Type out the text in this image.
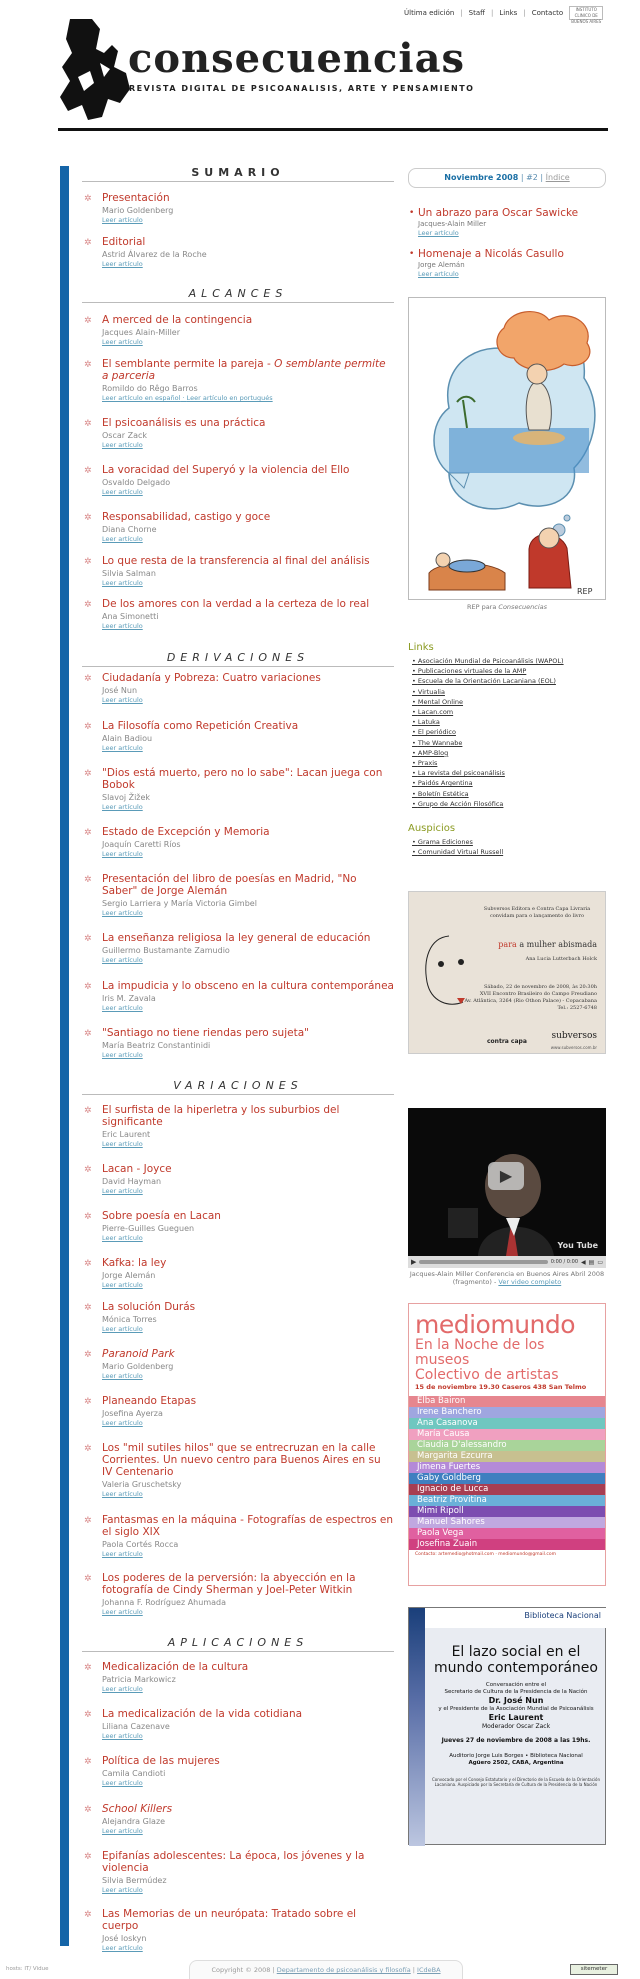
Última edición | Staff | Links | Contacto	INSTITUTO CLINICO DE BUENOS AIRES
consecuencias
REVISTA DIGITAL DE PSICOANALISIS, ARTE Y PENSAMIENTO
SUMARIO
ALCANCES
DERIVACIONES
VARIACIONES
APLICACIONES
✲ Presentación
Mario Goldenberg
Leer artículo
✲ Editorial
Astrid Álvarez de la Roche
Leer artículo
✲ A merced de la contingencia
Jacques Alain-Miller
Leer artículo
✲ El semblante permite la pareja - O semblante permite a parceria
Romildo do Rêgo Barros
Leer artículo en español · Leer artículo en portugués
✲ El psicoanálisis es una práctica
Oscar Zack
Leer artículo
✲ La voracidad del Superyó y la violencia del Ello
Osvaldo Delgado
Leer artículo
✲ Responsabilidad, castigo y goce
Diana Chorne
Leer artículo
✲ Lo que resta de la transferencia al final del análisis
Silvia Salman
Leer artículo
✲ De los amores con la verdad a la certeza de lo real
Ana Simonetti
Leer artículo
✲ Ciudadanía y Pobreza: Cuatro variaciones
José Nun
Leer artículo
✲ La Filosofía como Repetición Creativa
Alain Badiou
Leer artículo
✲ "Dios está muerto, pero no lo sabe": Lacan juega con Bobok
Slavoj Žižek
Leer artículo
✲ Estado de Excepción y Memoria
Joaquín Caretti Ríos
Leer artículo
✲ Presentación del libro de poesías en Madrid, "No Saber" de Jorge Alemán
Sergio Larriera y María Victoria Gimbel
Leer artículo
✲ La enseñanza religiosa la ley general de educación
Guillermo Bustamante Zamudio
Leer artículo
✲ La impudicia y lo obsceno en la cultura contemporánea
Iris M. Zavala
Leer artículo
✲ "Santiago no tiene riendas pero sujeta"
María Beatriz Constantinidi
Leer artículo
✲ El surfista de la hiperletra y los suburbios del significante
Eric Laurent
Leer artículo
✲ Lacan - Joyce
David Hayman
Leer artículo
✲ Sobre poesía en Lacan
Pierre-Guilles Gueguen
Leer artículo
✲ Kafka: la ley
Jorge Alemán
Leer artículo
✲ La solución Durás
Mónica Torres
Leer artículo
✲ Paranoid Park
Mario Goldenberg
Leer artículo
✲ Planeando Etapas
Josefina Ayerza
Leer artículo
✲ Los "mil sutiles hilos" que se entrecruzan en la calle Corrientes. Un nuevo centro para Buenos Aires en su IV Centenario
Valeria Gruschetsky
Leer artículo
✲ Fantasmas en la máquina - Fotografías de espectros en el siglo XIX
Paola Cortés Rocca
Leer artículo
✲ Los poderes de la perversión: la abyección en la fotografía de Cindy Sherman y Joel-Peter Witkin
Johanna F. Rodríguez Ahumada
Leer artículo
✲ Medicalización de la cultura
Patricia Markowicz
Leer artículo
✲ La medicalización de la vida cotidiana
Liliana Cazenave
Leer artículo
✲ Política de las mujeres
Camila Candioti
Leer artículo
✲ School Killers
Alejandra Glaze
Leer artículo
✲ Epifanías adolescentes: La época, los jóvenes y la violencia
Silvia Bermúdez
Leer artículo
✲ Las Memorias de un neurópata: Tratado sobre el cuerpo
José Ioskyn
Leer artículo
Noviembre 2008 | #2 | Índice
• Un abrazo para Oscar Sawicke
Jacques-Alain Miller
Leer artículo
• Homenaje a Nicolás Casullo
Jorge Alemán
Leer artículo
REP
REP para Consecuencias
Links
• Asociación Mundial de Psicoanálisis (WAPOL)
• Publicaciones virtuales de la AMP
• Escuela de la Orientación Lacaniana (EOL)
• Virtualia
• Mental Online
• Lacan.com
• Latuka
• El periódico
• The Wannabe
• AMP-Blog
• Praxis
• La revista del psicoanálisis
• Paidós Argentina
• Boletín Estética
• Grupo de Acción Filosófica
Auspicios
• Grama Ediciones
• Comunidad Virtual Russell
Subversos Editora e Contra Capa Livraria
convidam para o lançamento do livro
para a mulher abismada
Ana Lucia Lutterbach Holck
Sábado, 22 de novembro de 2008, às 20:30h
XVII Encontro Brasileiro do Campo Freudiano
Av. Atlântica, 3264 (Rio Othon Palace) - Copacabana
Tel.: 2527-6748
contra capa
subversos
www.subversos.com.br
▶
You Tube
▶	0:00 / 0:00 ◀ ▤ ▭
Jacques-Alain Miller Conferencia en Buenos Aires Abril 2008 (fragmento) - Ver video completo
mediomundo
En la Noche de los museos
Colectivo de artistas
15 de noviembre 19.30 Caseros 438 San Telmo
Elba Bairon
Irene Banchero
Ana Casanova
María Causa
Claudia D'alessandro
Margarita Ezcurra
Jimena Fuertes
Gaby Goldberg
Ignacio de Lucca
Beatriz Provitina
Mimi Ripoll
Manuel Sahores
Paola Vega
Josefina Zuain
Contacto: artemedio@hotmail.com · mediomundo@gmail.com
Biblioteca Nacional
El lazo social en el mundo contemporáneo
Conversación entre el
Secretario de Cultura de la Presidencia de la Nación
Dr. José Nun
y el Presidente de la Asociación Mundial de Psicoanálisis
Eric Laurent
Moderador Oscar Zack
Jueves 27 de noviembre de 2008 a las 19hs.
Auditorio Jorge Luis Borges • Biblioteca Nacional
Agüero 2502, CABA, Argentina
Convocado por el Consejo Estatutario y el Directorio de la Escuela de la Orientación Lacaniana. Auspiciado por la Secretaría de Cultura de la Presidencia de la Nación
hosts: IT/ Vidue	Copyright © 2008 | Departamento de psicoanálisis y filosofía | ICdeBA	sitemeter
